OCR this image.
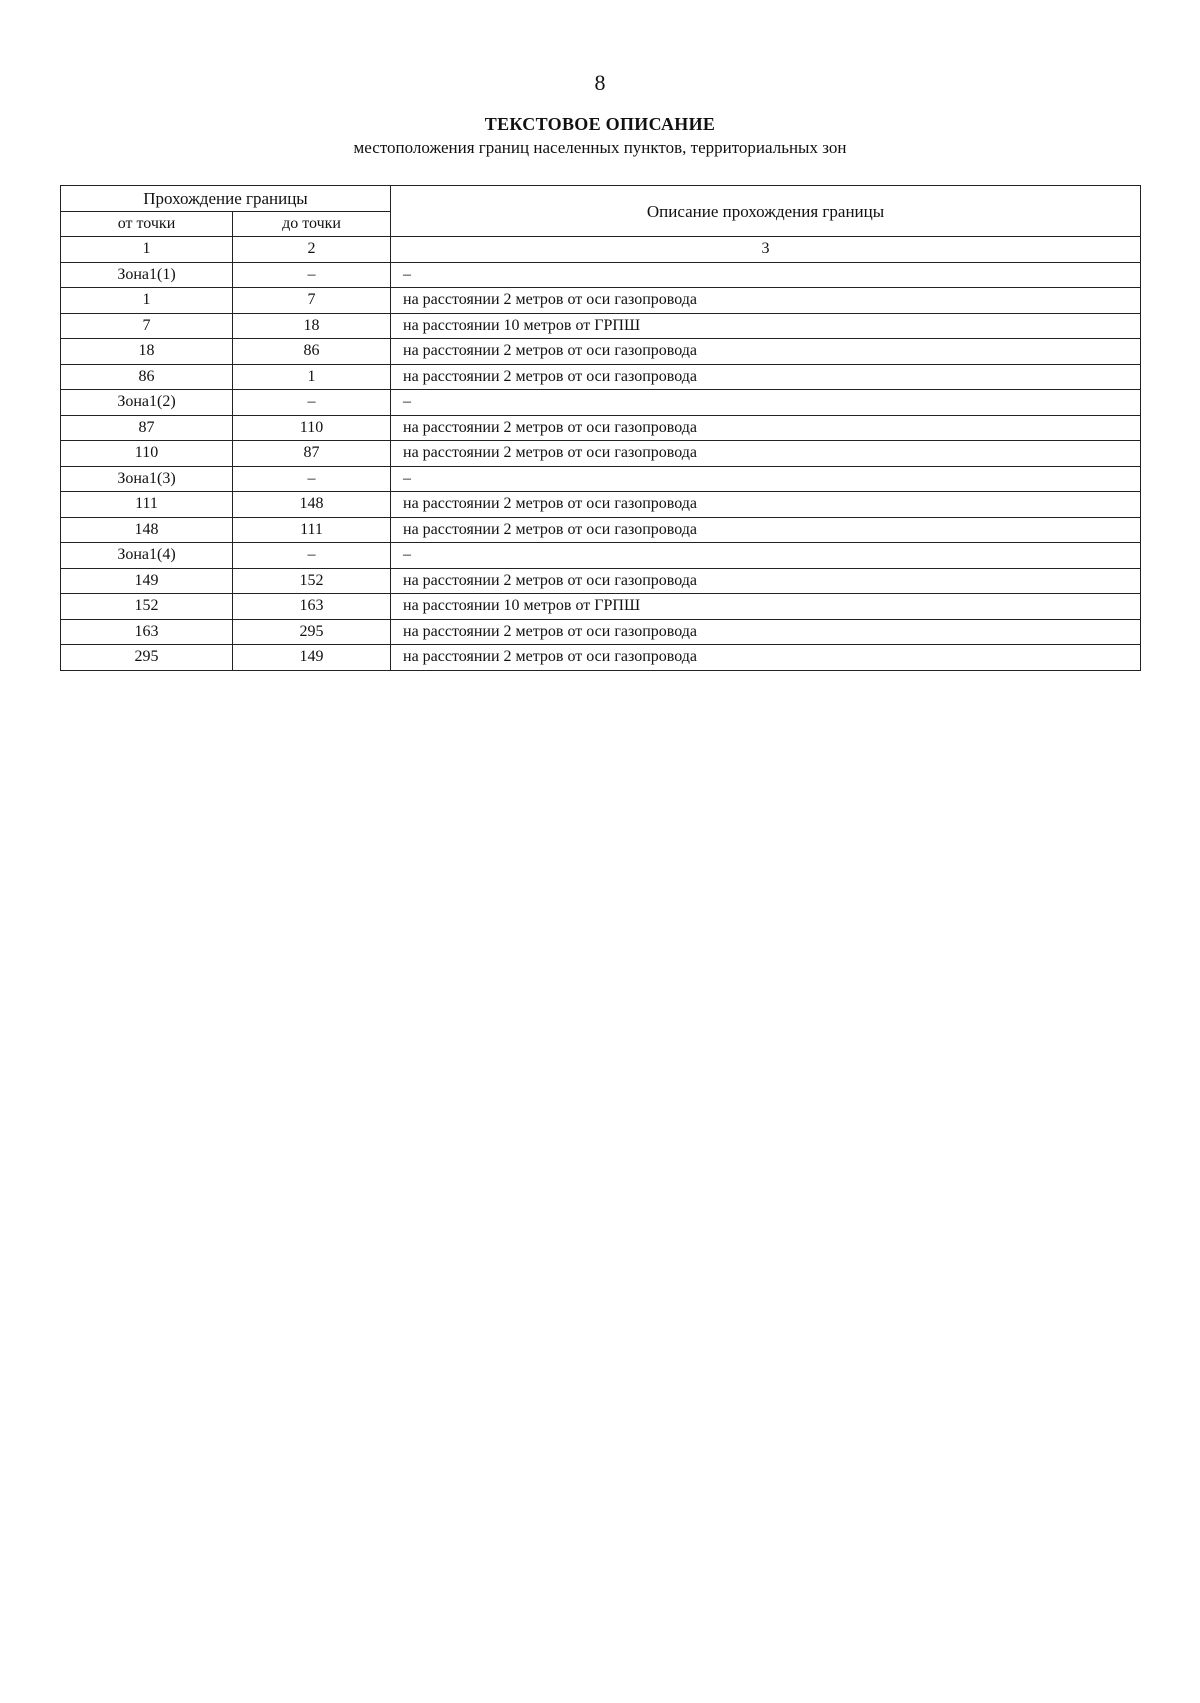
8
ТЕКСТОВОЕ ОПИСАНИЕ
местоположения границ населенных пунктов, территориальных зон
Прохождение границы		Описание прохождения границы
от точки	до точки	
1	2	3
Зона1(1)	–	–
1	7	на расстоянии 2 метров от оси газопровода
7	18	на расстоянии 10 метров от ГРПШ
18	86	на расстоянии 2 метров от оси газопровода
86	1	на расстоянии 2 метров от оси газопровода
Зона1(2)	–	–
87	110	на расстоянии 2 метров от оси газопровода
110	87	на расстоянии 2 метров от оси газопровода
Зона1(3)	–	–
111	148	на расстоянии 2 метров от оси газопровода
148	111	на расстоянии 2 метров от оси газопровода
Зона1(4)	–	–
149	152	на расстоянии 2 метров от оси газопровода
152	163	на расстоянии 10 метров от ГРПШ
163	295	на расстоянии 2 метров от оси газопровода
295	149	на расстоянии 2 метров от оси газопровода
